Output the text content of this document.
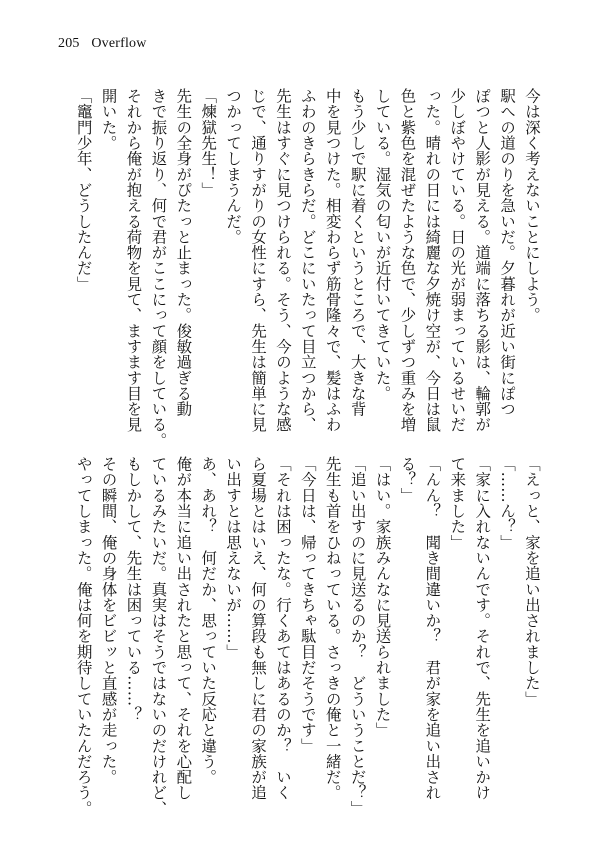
205 Overflow
今は深く考えないことにしよう。
駅への道のりを急いだ。夕暮れが近い街にぽつ
ぽつと人影が見える。道端に落ちる影は、輪郭が
少しぼやけている。日の光が弱まっているせいだ
った。晴れの日には綺麗な夕焼け空が、今日は鼠
色と紫色を混ぜたような色で、少しずつ重みを増
している。湿気の匂いが近付いてきていた。
もう少しで駅に着くというところで、大きな背
中を見つけた。相変わらず筋骨隆々で、髪はふわ
ふわのきらきらだ。どこにいたって目立つから、
先生はすぐに見つけられる。そう、今のような感
じで、通りすがりの女性にすら、先生は簡単に見
つかってしまうんだ。
「煉獄先生！」
先生の全身がぴたっと止まった。俊敏過ぎる動
きで振り返り、何で君がここにって顔をしている。
それから俺が抱える荷物を見て、ますます目を見
開いた。
「竈門少年、どうしたんだ」
「えっと、家を追い出されました」
「……ん？」
「家に入れないんです。それで、先生を追いかけ
て来ました」
「んん？　聞き間違いか？　君が家を追い出され
る？」
「はい。家族みんなに見送られました」
「追い出すのに見送るのか？　どういうことだ？」
先生も首をひねっている。さっきの俺と一緒だ。
「今日は、帰ってきちゃ駄目だそうです」
「それは困ったな。行くあてはあるのか？　いく
ら夏場とはいえ、何の算段も無しに君の家族が追
い出すとは思えないが……」
あ、あれ？　何だか、思っていた反応と違う。
俺が本当に追い出されたと思って、それを心配し
ているみたいだ。真実はそうではないのだけれど、
もしかして、先生は困っている……？
その瞬間、俺の身体をビビッと直感が走った。
やってしまった。俺は何を期待していたんだろう。
